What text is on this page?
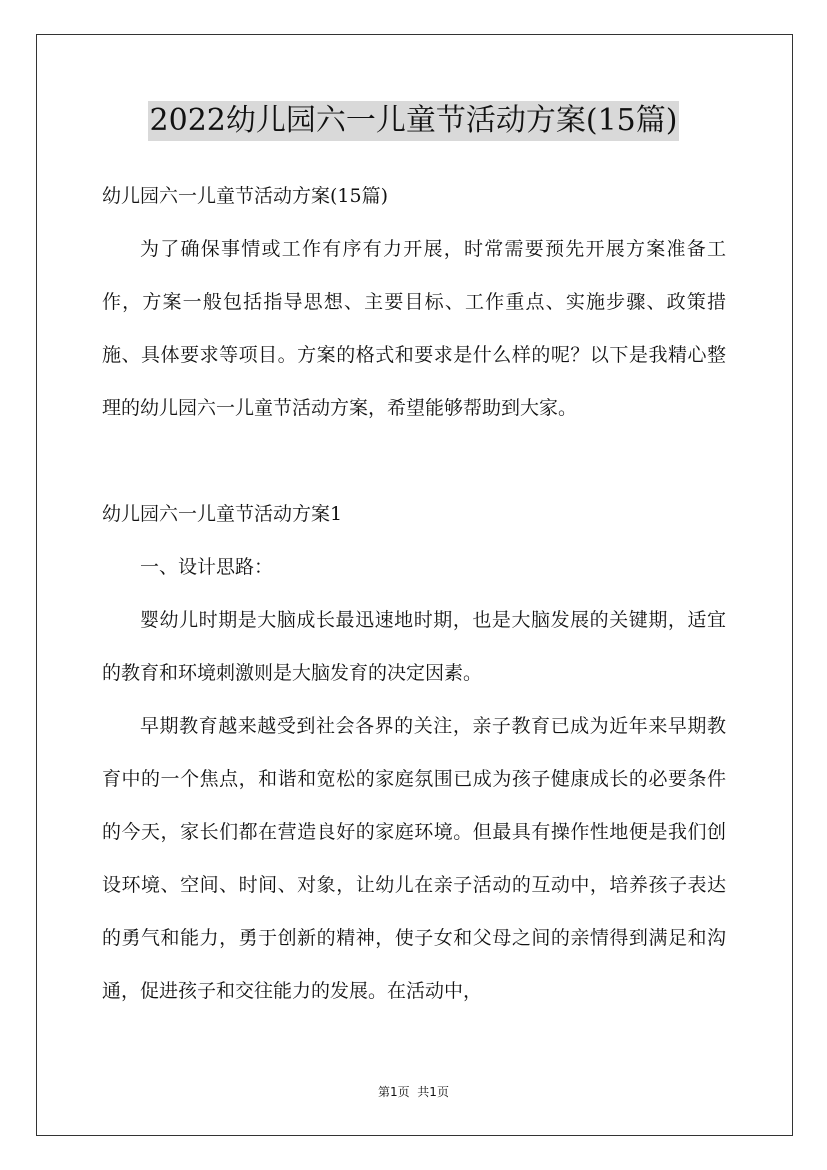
2022幼儿园六一儿童节活动方案(15篇)

幼儿园六一儿童节活动方案(15篇)

为了确保事情或工作有序有力开展，时常需要预先开展方案准备工作，方案一般包括指导思想、主要目标、工作重点、实施步骤、政策措施、具体要求等项目。方案的格式和要求是什么样的呢？以下是我精心整理的幼儿园六一儿童节活动方案，希望能够帮助到大家。

幼儿园六一儿童节活动方案1

一、设计思路：

婴幼儿时期是大脑成长最迅速地时期，也是大脑发展的关键期，适宜的教育和环境刺激则是大脑发育的决定因素。

早期教育越来越受到社会各界的关注，亲子教育已成为近年来早期教育中的一个焦点，和谐和宽松的家庭氛围已成为孩子健康成长的必要条件的今天，家长们都在营造良好的家庭环境。但最具有操作性地便是我们创设环境、空间、时间、对象，让幼儿在亲子活动的互动中，培养孩子表达的勇气和能力，勇于创新的精神，使子女和父母之间的亲情得到满足和沟通，促进孩子和交往能力的发展。在活动中，

第1页  共1页
